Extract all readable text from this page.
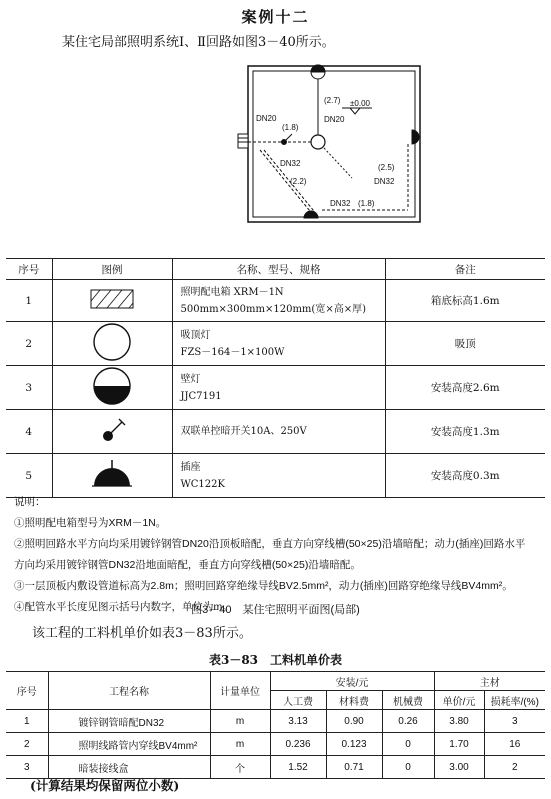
案例十二
某住宅局部照明系统Ⅰ、Ⅱ回路如图3－40所示。
DN20
(1.8)
(2.7) ±0.00
DN20
DN32
(2.2)
(2.5)
DN32
DN32 (1.8)
序号	图例	名称、型号、规格	备注
1		照明配电箱 XRM－1N
500mm×300mm×120mm(宽×高×厚)	箱底标高1.6m
2		吸顶灯
FZS－164－1×100W	吸顶
3		壁灯
JJC7191	安装高度2.6m
4		双联单控暗开关10A、250V	安装高度1.3m
5		插座
WC122K	安装高度0.3m
说明：
①照明配电箱型号为XRM－1N。
②照明回路水平方向均采用镀锌钢管DN20沿顶板暗配，垂直方向穿线槽(50×25)沿墙暗配；动力(插座)回路水平
方向均采用镀锌钢管DN32沿地面暗配，垂直方向穿线槽(50×25)沿墙暗配。
③一层顶板内敷设管道标高为2.8m；照明回路穿绝缘导线BV2.5mm²，动力(插座)回路穿绝缘导线BV4mm²。
④配管水平长度见图示括号内数字，单位为m。
图3－40　某住宅照明平面图(局部)
该工程的工料机单价如表3－83所示。
表3－83　工料机单价表
序号	工程名称	计量单位	安装/元			主材	
			人工费	材料费	机械费	单价/元	损耗率/(%)
1	镀锌钢管暗配DN32	m	3.13	0.90	0.26	3.80	3
2	照明线路管内穿线BV4mm²	m	0.236	0.123	0	1.70	16
3	暗装接线盒	个	1.52	0.71	0	3.00	2
(计算结果均保留两位小数)
